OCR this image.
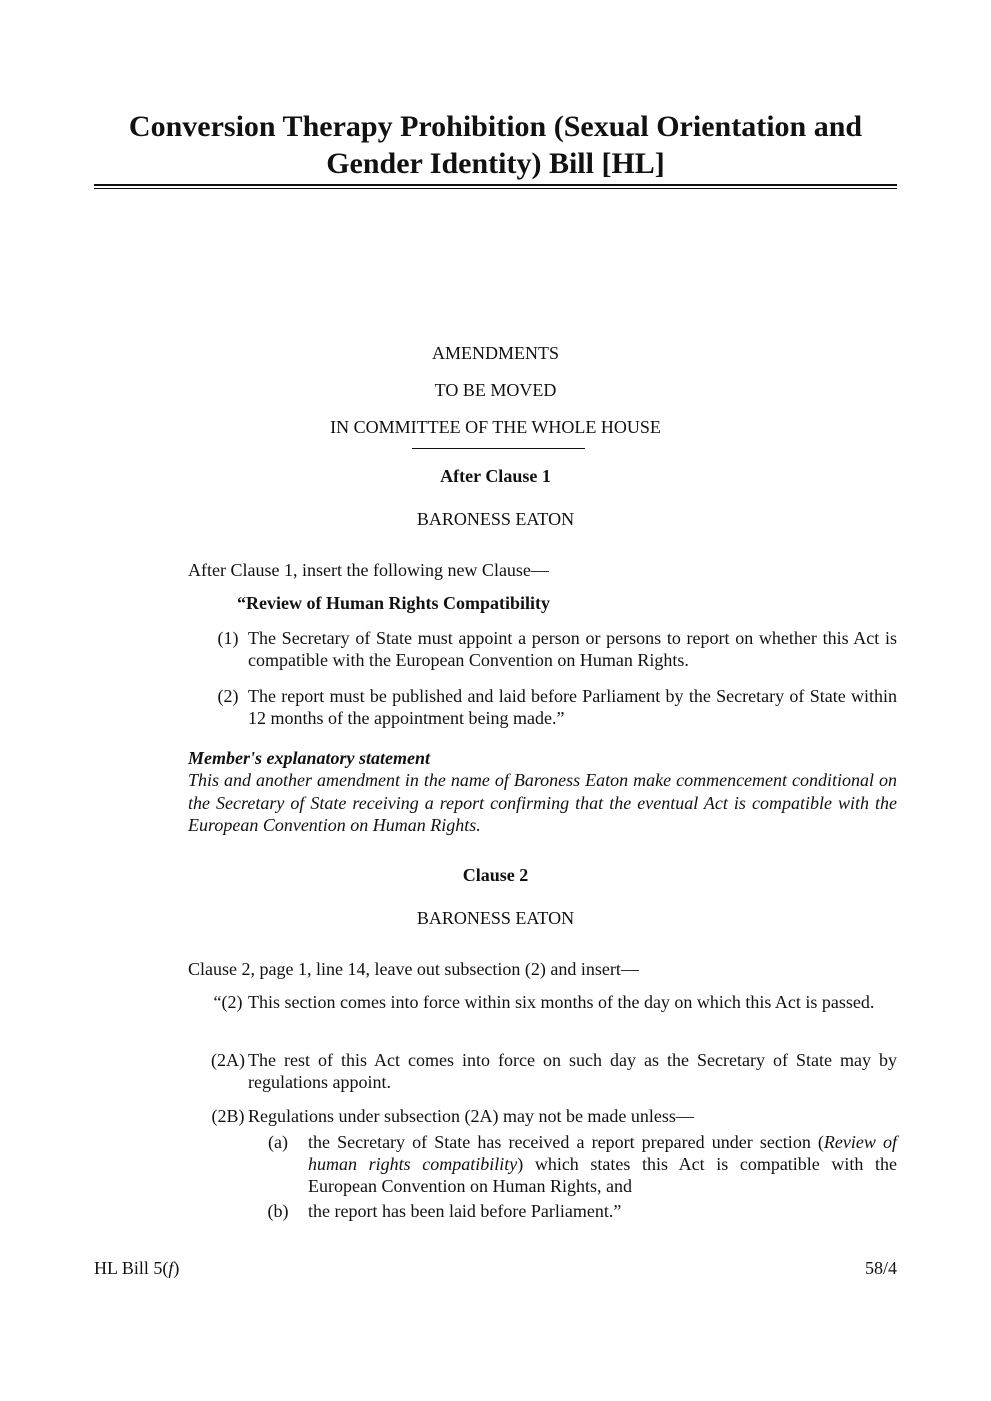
Conversion Therapy Prohibition (Sexual Orientation and Gender Identity) Bill [HL]
AMENDMENTS
TO BE MOVED
IN COMMITTEE OF THE WHOLE HOUSE
After Clause 1
BARONESS EATON
After Clause 1, insert the following new Clause—
“Review of Human Rights Compatibility
(1) The Secretary of State must appoint a person or persons to report on whether this Act is compatible with the European Convention on Human Rights.
(2) The report must be published and laid before Parliament by the Secretary of State within 12 months of the appointment being made.”
Member's explanatory statement
This and another amendment in the name of Baroness Eaton make commencement conditional on the Secretary of State receiving a report confirming that the eventual Act is compatible with the European Convention on Human Rights.
Clause 2
BARONESS EATON
Clause 2, page 1, line 14, leave out subsection (2) and insert—
“(2) This section comes into force within six months of the day on which this Act is passed.
(2A) The rest of this Act comes into force on such day as the Secretary of State may by regulations appoint.
(2B) Regulations under subsection (2A) may not be made unless—
(a)	the Secretary of State has received a report prepared under section (Review of human rights compatibility) which states this Act is compatible with the European Convention on Human Rights, and
(b)	the report has been laid before Parliament.”
HL Bill 5(f)	58/4
